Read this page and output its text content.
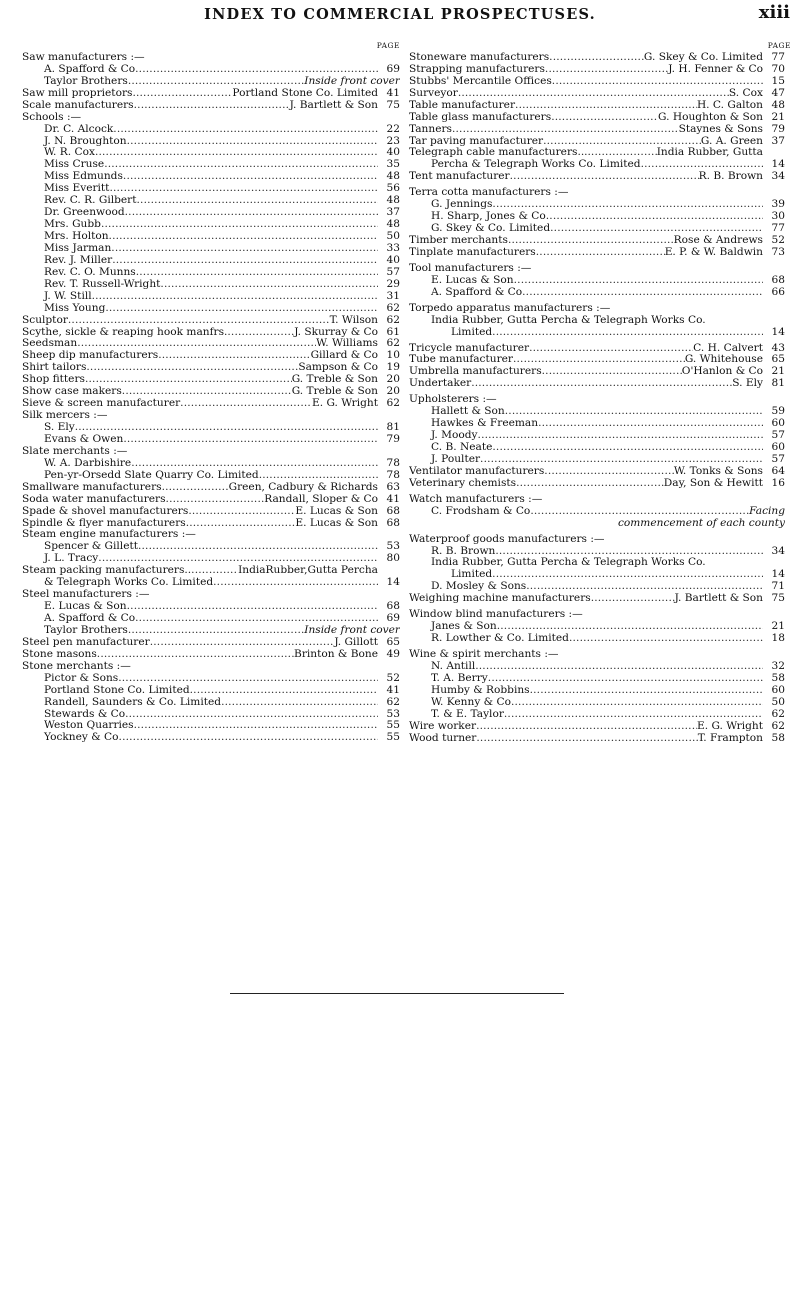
INDEX TO COMMERCIAL PROSPECTUSES.	xiii
PAGE
Saw manufacturers :—
A. Spafford & Co . . .	69
Taylor Brothers . . .	Inside front cover
Saw mill proprietors . . .	Portland Stone Co. Limited 41
Scale manufacturers . . .	J. Bartlett & Son 75
Schools :—
Dr. C. Alcock . . .	22
J. N. Broughton . . .	23
W. R. Cox . . .	40
Miss Cruse . . .	35
Miss Edmunds . . .	48
Miss Everitt . . .	56
Rev. C. R. Gilbert . . .	48
Dr. Greenwood . . .	37
Mrs. Gubb . . .	48
Mrs. Holton . . .	50
Miss Jarman . . .	33
Rev. J. Miller . . .	40
Rev. C. O. Munns . . .	57
Rev. T. Russell-Wright . . .	29
J. W. Still . . .	31
Miss Young . . .	62
Sculptor . . .	T. Wilson 62
Scythe, sickle & reaping hook manfrs. . . .	J. Skurray & Co 61
Seedsman . . .	W. Williams 62
Sheep dip manufacturers . . .	Gillard & Co 10
Shirt tailors . . .	Sampson & Co 19
Shop fitters . . .	G. Treble & Son 20
Show case makers . . .	G. Treble & Son 20
Sieve & screen manufacturer . . .	E. G. Wright 62
Silk mercers :—
S. Ely . . .	81
Evans & Owen . . .	79
Slate merchants :—
W. A. Darbishire . . .	78
Pen-yr-Orsedd Slate Quarry Co. Limited . . .	78
Smallware manufacturers . . .	Green, Cadbury & Richards 63
Soda water manufacturers . . .	Randall, Sloper & Co 41
Spade & shovel manufacturers . . .	E. Lucas & Son 68
Spindle & flyer manufacturers . . .	E. Lucas & Son 68
Steam engine manufacturers :—
Spencer & Gillett . . .	53
J. L. Tracy . . .	80
Steam packing manufacturers.. . . .	IndiaRubber,Gutta Percha
& Telegraph Works Co. Limited . . .	14
Steel manufacturers :—
E. Lucas & Son . . .	68
A. Spafford & Co . . .	69
Taylor Brothers . . .	Inside front cover
Steel pen manufacturer . . .	J. Gillott 65
Stone masons . . .	Brinton & Bone 49
Stone merchants :—
Pictor & Sons . . .	52
Portland Stone Co. Limited . . .	41
Randell, Saunders & Co. Limited . . .	62
Stewards & Co . . .	53
Weston Quarries . . .	55
Yockney & Co . . .	55
PAGE
Stoneware manufacturers . . .	G. Skey & Co. Limited 77
Strapping manufacturers . . .	J. H. Fenner & Co 70
Stubbs' Mercantile Offices . . .	15
Surveyor . . .	S. Cox 47
Table manufacturer . . .	H. C. Galton 48
Table glass manufacturers . . .	G. Houghton & Son 21
Tanners . . .	Staynes & Sons 79
Tar paving manufacturer . . .	G. A. Green 37
Telegraph cable manufacturers.... . . .	India Rubber, Gutta
Percha & Telegraph Works Co. Limited . . .	14
Tent manufacturer . . .	R. B. Brown 34
Terra cotta manufacturers :—
G. Jennings . . .	39
H. Sharp, Jones & Co . . .	30
G. Skey & Co. Limited . . .	77
Timber merchants . . .	Rose & Andrews 52
Tinplate manufacturers . . .	E. P. & W. Baldwin 73
Tool manufacturers :—
E. Lucas & Son . . .	68
A. Spafford & Co . . .	66
Torpedo apparatus manufacturers :—
India Rubber, Gutta Percha & Telegraph Works Co.
Limited . . .	14
Tricycle manufacturer . . .	C. H. Calvert 43
Tube manufacturer . . .	G. Whitehouse 65
Umbrella manufacturers . . .	O'Hanlon & Co 21
Undertaker . . .	S. Ely 81
Upholsterers :—
Hallett & Son . . .	59
Hawkes & Freeman . . .	60
J. Moody . . .	57
C. B. Neate . . .	60
J. Poulter . . .	57
Ventilator manufacturers . . .	W. Tonks & Sons 64
Veterinary chemists . . .	Day, Son & Hewitt 16
Watch manufacturers :—
C. Frodsham & Co . . .	Facing
commencement of each county
Waterproof goods manufacturers :—
R. B. Brown . . .	34
India Rubber, Gutta Percha & Telegraph Works Co.
Limited . . .	14
D. Mosley & Sons . . .	71
Weighing machine manufacturers . . .	J. Bartlett & Son 75
Window blind manufacturers :—
Janes & Son . . .	21
R. Lowther & Co. Limited . . .	18
Wine & spirit merchants :—
N. Antill . . .	32
T. A. Berry . . .	58
Humby & Robbins . . .	60
W. Kenny & Co . . .	50
T. & E. Taylor . . .	62
Wire worker . . .	E. G. Wright 62
Wood turner . . .	T. Frampton 58
